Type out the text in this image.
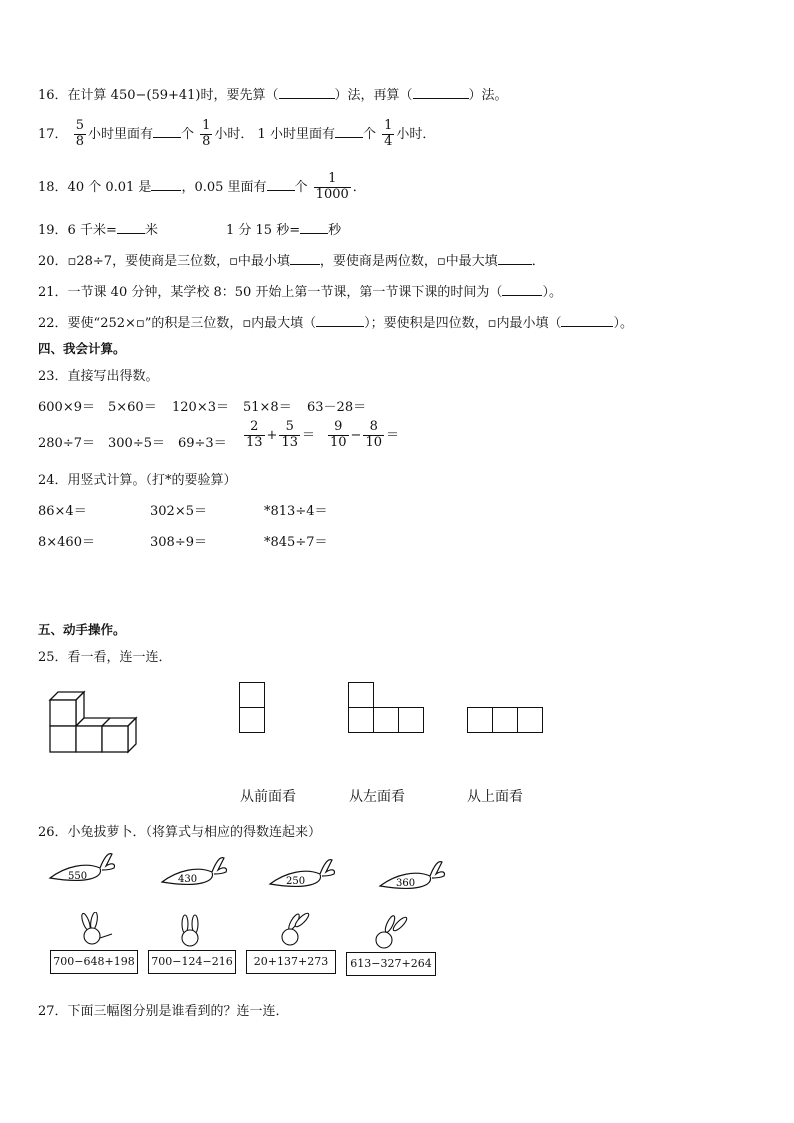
16．在计算 450−(59+41)时，要先算（	）法，再算（	）法。
17． $\frac{5}{8}$ 小时里面有 个 $\frac{1}{8}$ 小时． 1 小时里面有 个 $\frac{1}{4}$ 小时．
18．40 个 0.01 是 ，0.05 里面有 个 $\frac{1}{1000}$ ．
19．6 千米= 米	1 分 15 秒= 秒
20．▫28÷7，要使商是三位数，▫中最小填 ，要使商是两位数，▫中最大填	．
21．一节课 40 分钟，某学校 8：50 开始上第一节课，第一节课下课的时间为（	）。
22．要使“252×▫”的积是三位数，▫内最大填（	）；要使积是四位数，▫内最小填（	）。
四、我会计算。
23．直接写出得数。
600×9＝ 5×60＝ 120×3＝ 51×8＝ 63－28＝
$280\div 7= 300\div 5= 69\div 3= \frac{2}{13} + \frac{5}{13} = \frac{9}{10} - \frac{8}{10}$ ＝
24．用竖式计算。（打*的要验算）
86×4＝	302×5＝	*813÷4＝
8×460＝	308÷9＝	*845÷7＝
五、动手操作。
25．看一看，连一连．
从前面看	从左面看	从上面看
26．小兔拔萝卜．（将算式与相应的得数连起来）
550	430	250	360
700−648+198 700−124−216	20+137+273	613−327+264
27．下面三幅图分别是谁看到的？连一连．
